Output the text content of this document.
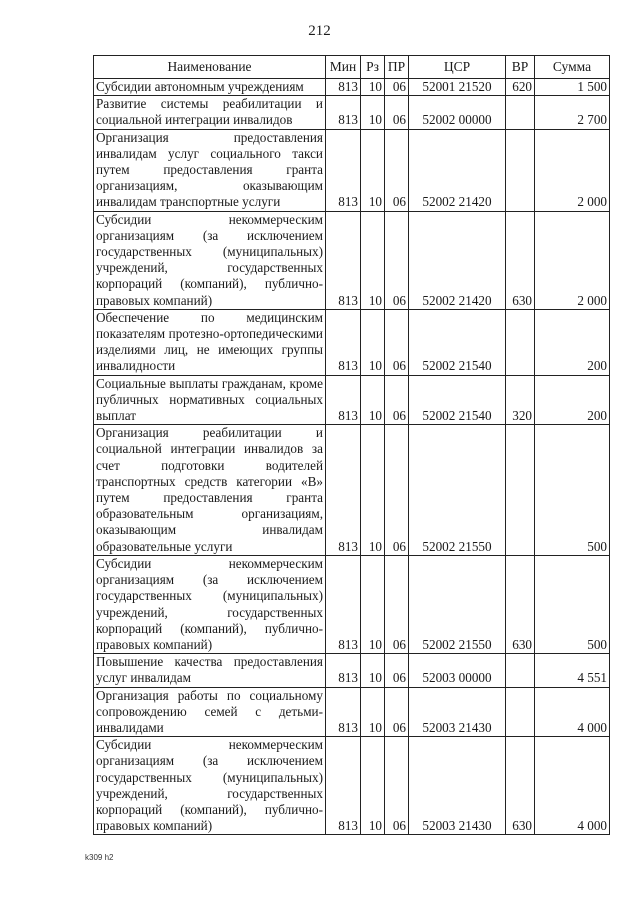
212
Наименование	Мин	Рз	ПР	ЦСР	ВР	Сумма
Субсидии автономным учреждениям	813	10	06	52001 21520	620	1 500
Развитие системы реабилитации и социальной интеграции инвалидов	813	10	06	52002 00000		2 700
Организация предоставления инвалидам услуг социального такси путем предоставления гранта организациям, оказывающим инвалидам транспортные услуги	813	10	06	52002 21420		2 000
Субсидии некоммерческим организациям (за исключением государственных (муниципальных) учреждений, государственных корпораций (компаний), публично-правовых компаний)	813	10	06	52002 21420	630	2 000
Обеспечение по медицинским показателям протезно-ортопедическими изделиями лиц, не имеющих группы инвалидности	813	10	06	52002 21540		200
Социальные выплаты гражданам, кроме публичных нормативных социальных выплат	813	10	06	52002 21540	320	200
Организация реабилитации и социальной интеграции инвалидов за счет подготовки водителей транспортных средств категории «В» путем предоставления гранта образовательным организациям, оказывающим инвалидам образовательные услуги	813	10	06	52002 21550		500
Субсидии некоммерческим организациям (за исключением государственных (муниципальных) учреждений, государственных корпораций (компаний), публично-правовых компаний)	813	10	06	52002 21550	630	500
Повышение качества предоставления услуг инвалидам	813	10	06	52003 00000		4 551
Организация работы по социальному сопровождению семей с детьми-инвалидами	813	10	06	52003 21430		4 000
Субсидии некоммерческим организациям (за исключением государственных (муниципальных) учреждений, государственных корпораций (компаний), публично-правовых компаний)	813	10	06	52003 21430	630	4 000
k309 h2
